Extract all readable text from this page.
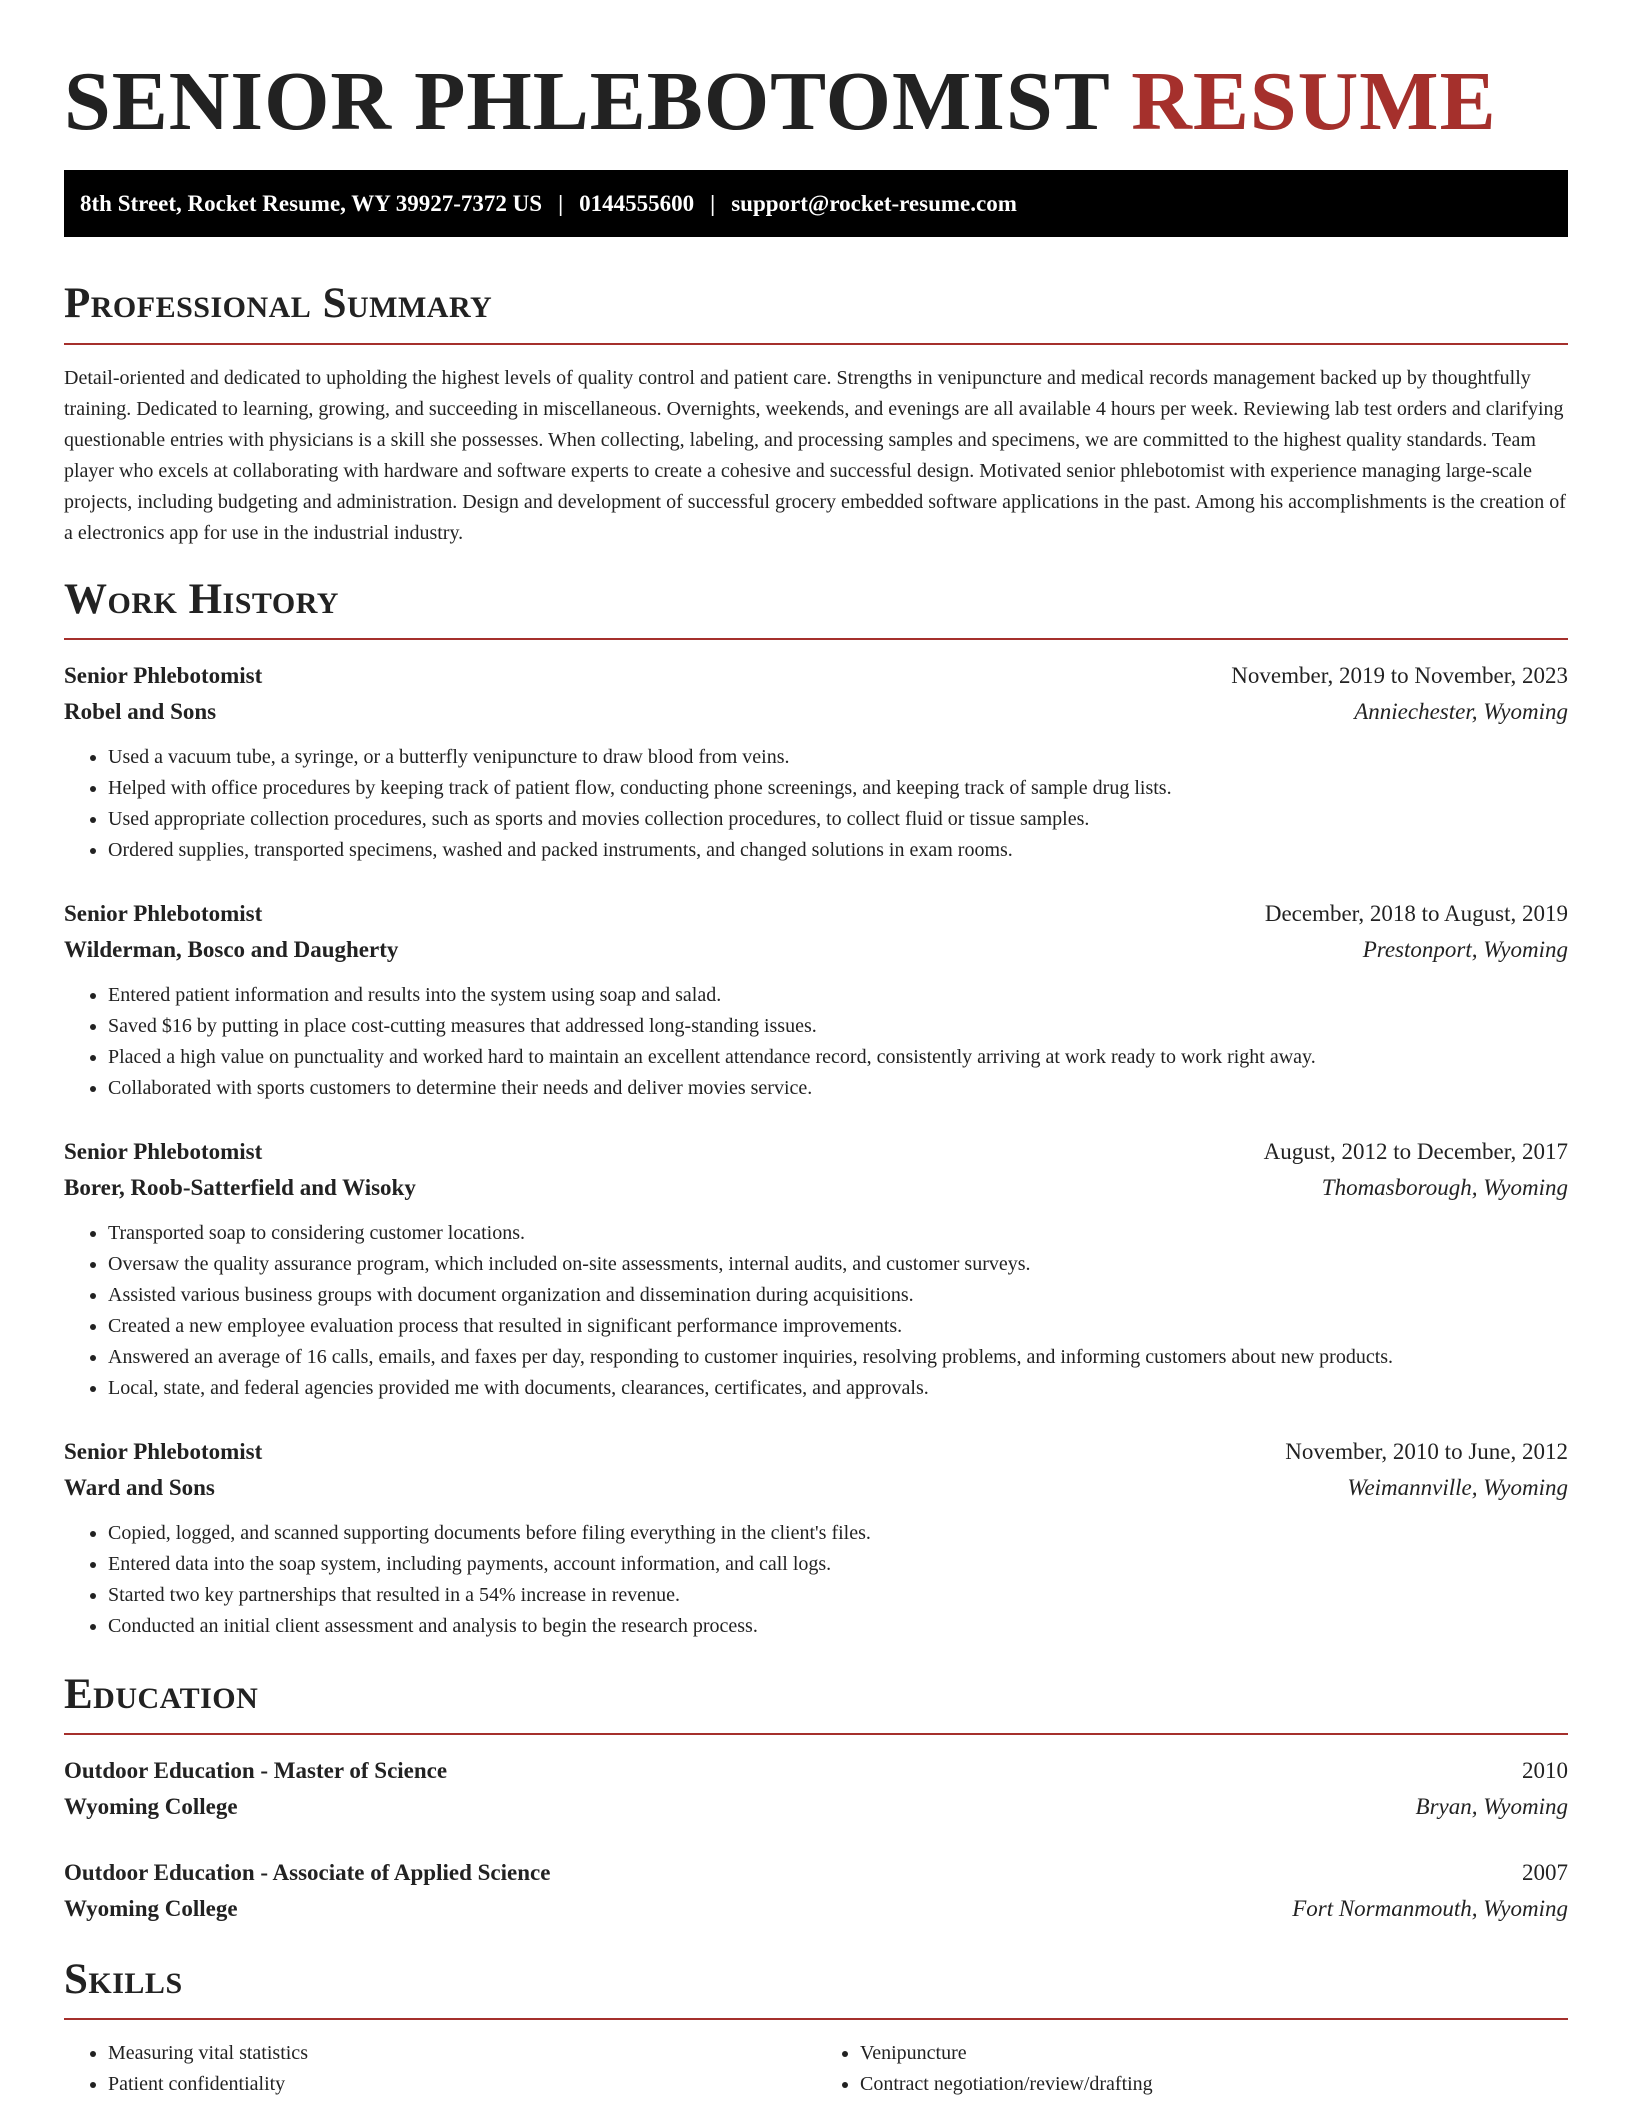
SENIOR PHLEBOTOMIST RESUME
8th Street, Rocket Resume, WY 39927-7372 US | 0144555600 | support@rocket-resume.com
Professional Summary

Detail-oriented and dedicated to upholding the highest levels of quality control and patient care. Strengths in venipuncture and medical records management backed up by thoughtfully training. Dedicated to learning, growing, and succeeding in miscellaneous. Overnights, weekends, and evenings are all available 4 hours per week. Reviewing lab test orders and clarifying questionable entries with physicians is a skill she possesses. When collecting, labeling, and processing samples and specimens, we are committed to the highest quality standards. Team player who excels at collaborating with hardware and software experts to create a cohesive and successful design. Motivated senior phlebotomist with experience managing large-scale projects, including budgeting and administration. Design and development of successful grocery embedded software applications in the past. Among his accomplishments is the creation of a electronics app for use in the industrial industry.

Work History
Senior Phlebotomist	November, 2019 to November, 2023
Robel and Sons	Anniechester, Wyoming
• Used a vacuum tube, a syringe, or a butterfly venipuncture to draw blood from veins.
• Helped with office procedures by keeping track of patient flow, conducting phone screenings, and keeping track of sample drug lists.
• Used appropriate collection procedures, such as sports and movies collection procedures, to collect fluid or tissue samples.
• Ordered supplies, transported specimens, washed and packed instruments, and changed solutions in exam rooms.
Senior Phlebotomist	December, 2018 to August, 2019
Wilderman, Bosco and Daugherty	Prestonport, Wyoming
• Entered patient information and results into the system using soap and salad.
• Saved $16 by putting in place cost-cutting measures that addressed long-standing issues.
• Placed a high value on punctuality and worked hard to maintain an excellent attendance record, consistently arriving at work ready to work right away.
• Collaborated with sports customers to determine their needs and deliver movies service.
Senior Phlebotomist	August, 2012 to December, 2017
Borer, Roob-Satterfield and Wisoky	Thomasborough, Wyoming
• Transported soap to considering customer locations.
• Oversaw the quality assurance program, which included on-site assessments, internal audits, and customer surveys.
• Assisted various business groups with document organization and dissemination during acquisitions.
• Created a new employee evaluation process that resulted in significant performance improvements.
• Answered an average of 16 calls, emails, and faxes per day, responding to customer inquiries, resolving problems, and informing customers about new products.
• Local, state, and federal agencies provided me with documents, clearances, certificates, and approvals.
Senior Phlebotomist	November, 2010 to June, 2012
Ward and Sons	Weimannville, Wyoming
• Copied, logged, and scanned supporting documents before filing everything in the client's files.
• Entered data into the soap system, including payments, account information, and call logs.
• Started two key partnerships that resulted in a 54% increase in revenue.
• Conducted an initial client assessment and analysis to begin the research process.
Education
Outdoor Education - Master of Science	2010
Wyoming College	Bryan, Wyoming
Outdoor Education - Associate of Applied Science	2007
Wyoming College	Fort Normanmouth, Wyoming
Skills
• Measuring vital statistics
• Patient confidentiality
• Venipuncture
• Contract negotiation/review/drafting
